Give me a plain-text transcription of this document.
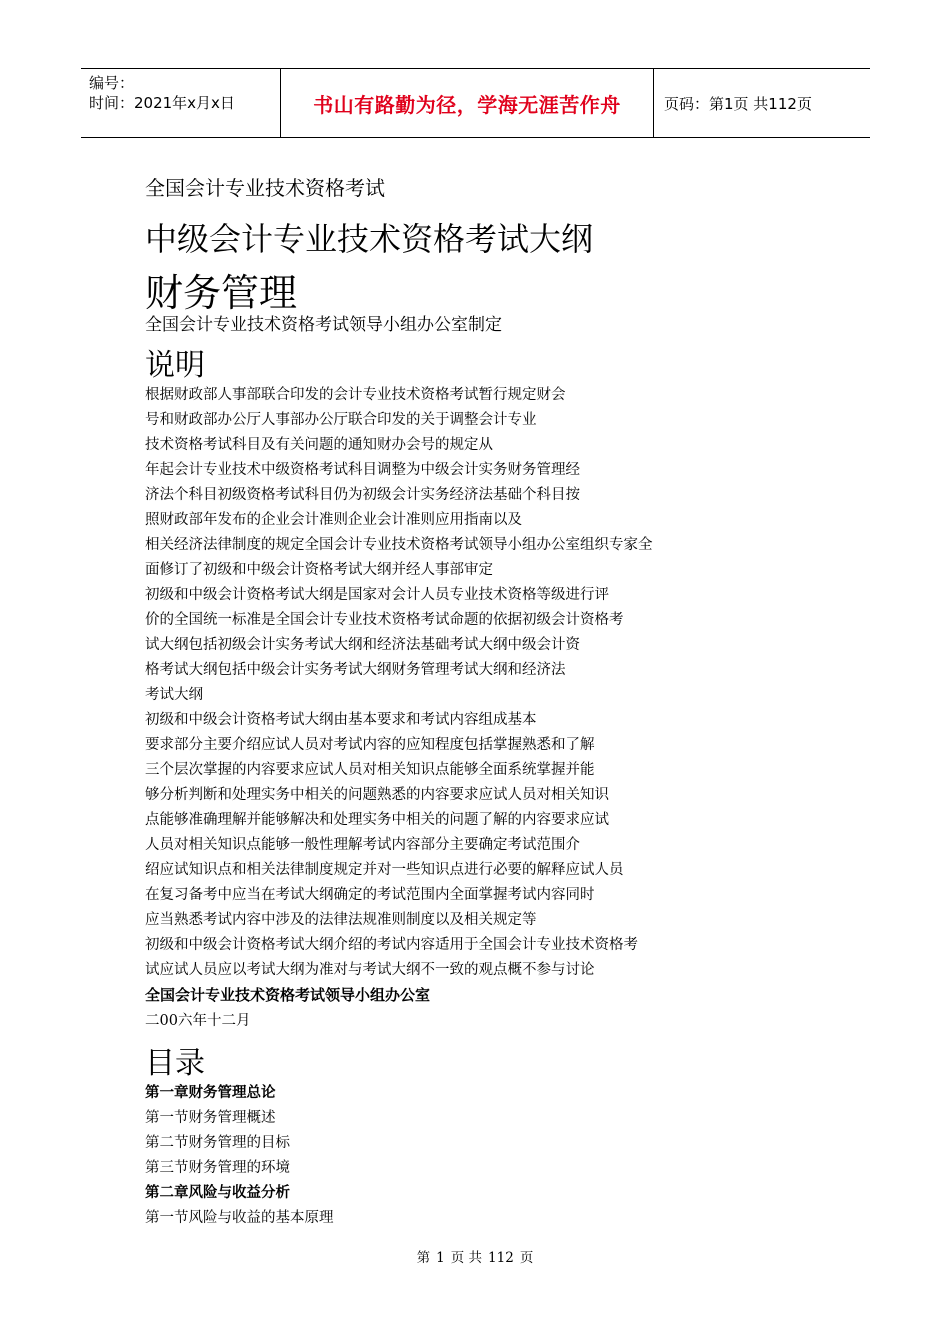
编号：
时间：2021年x月x日	书山有路勤为径，学海无涯苦作舟	页码：第1页 共112页
全国会计专业技术资格考试
中级会计专业技术资格考试大纲
财务管理
全国会计专业技术资格考试领导小组办公室制定
说明
根据财政部人事部联合印发的会计专业技术资格考试暂行规定财会
号和财政部办公厅人事部办公厅联合印发的关于调整会计专业
技术资格考试科目及有关问题的通知财办会号的规定从
年起会计专业技术中级资格考试科目调整为中级会计实务财务管理经
济法个科目初级资格考试科目仍为初级会计实务经济法基础个科目按
照财政部年发布的企业会计准则企业会计准则应用指南以及
相关经济法律制度的规定全国会计专业技术资格考试领导小组办公室组织专家全
面修订了初级和中级会计资格考试大纲并经人事部审定
初级和中级会计资格考试大纲是国家对会计人员专业技术资格等级进行评
价的全国统一标准是全国会计专业技术资格考试命题的依据初级会计资格考
试大纲包括初级会计实务考试大纲和经济法基础考试大纲中级会计资
格考试大纲包括中级会计实务考试大纲财务管理考试大纲和经济法
考试大纲
初级和中级会计资格考试大纲由基本要求和考试内容组成基本
要求部分主要介绍应试人员对考试内容的应知程度包括掌握熟悉和了解
三个层次掌握的内容要求应试人员对相关知识点能够全面系统掌握并能
够分析判断和处理实务中相关的问题熟悉的内容要求应试人员对相关知识
点能够准确理解并能够解决和处理实务中相关的问题了解的内容要求应试
人员对相关知识点能够一般性理解考试内容部分主要确定考试范围介
绍应试知识点和相关法律制度规定并对一些知识点进行必要的解释应试人员
在复习备考中应当在考试大纲确定的考试范围内全面掌握考试内容同时
应当熟悉考试内容中涉及的法律法规准则制度以及相关规定等
初级和中级会计资格考试大纲介绍的考试内容适用于全国会计专业技术资格考
试应试人员应以考试大纲为准对与考试大纲不一致的观点概不参与讨论
全国会计专业技术资格考试领导小组办公室
二00六年十二月
目录
第一章财务管理总论
第一节财务管理概述
第二节财务管理的目标
第三节财务管理的环境
第二章风险与收益分析
第一节风险与收益的基本原理
第 1 页 共 112 页
